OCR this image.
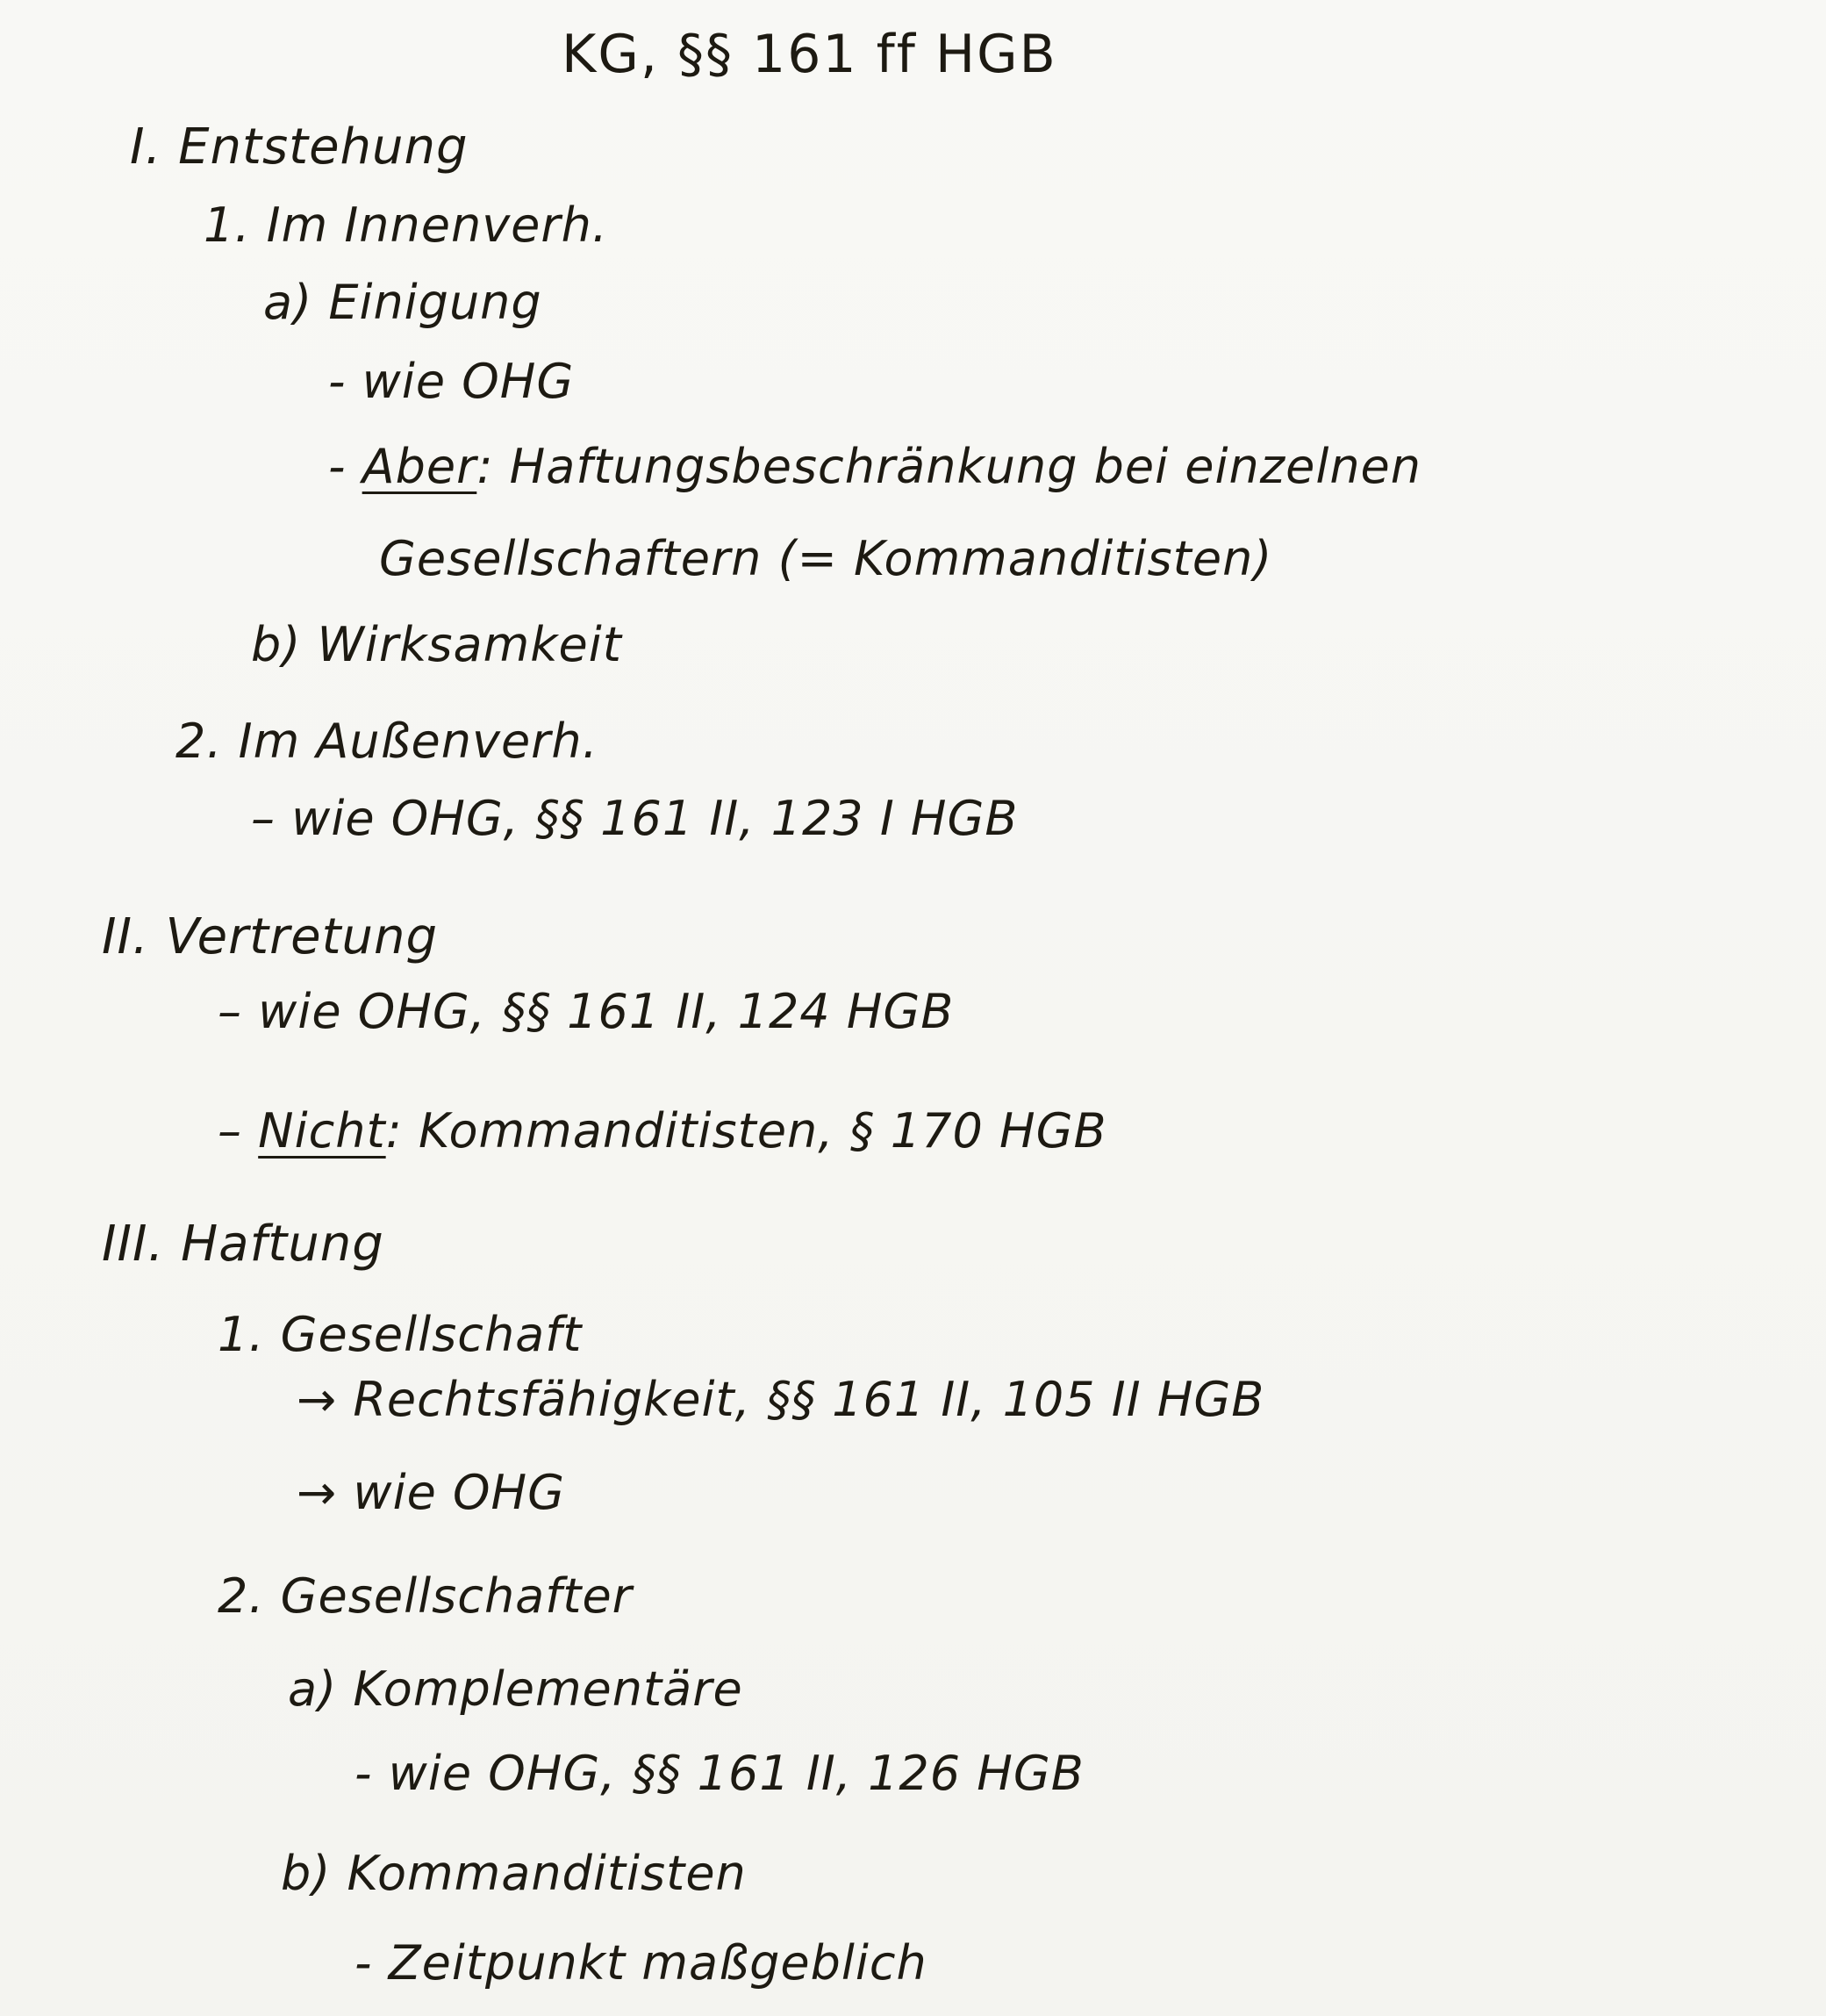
KG, §§ 161 ff HGB
I. Entstehung
1. Im Innenverh.
a) Einigung
- wie OHG
- Aber: Haftungsbeschränkung bei einzelnen
Gesellschaftern (= Kommanditisten)
b) Wirksamkeit
2. Im Außenverh.
– wie OHG, §§ 161 II, 123 I HGB
II. Vertretung
– wie OHG, §§ 161 II, 124 HGB
– Nicht: Kommanditisten, § 170 HGB
III. Haftung
1. Gesellschaft
→ Rechtsfähigkeit, §§ 161 II, 105 II HGB
→ wie OHG
2. Gesellschafter
a) Komplementäre
- wie OHG, §§ 161 II, 126 HGB
b) Kommanditisten
- Zeitpunkt maßgeblich
